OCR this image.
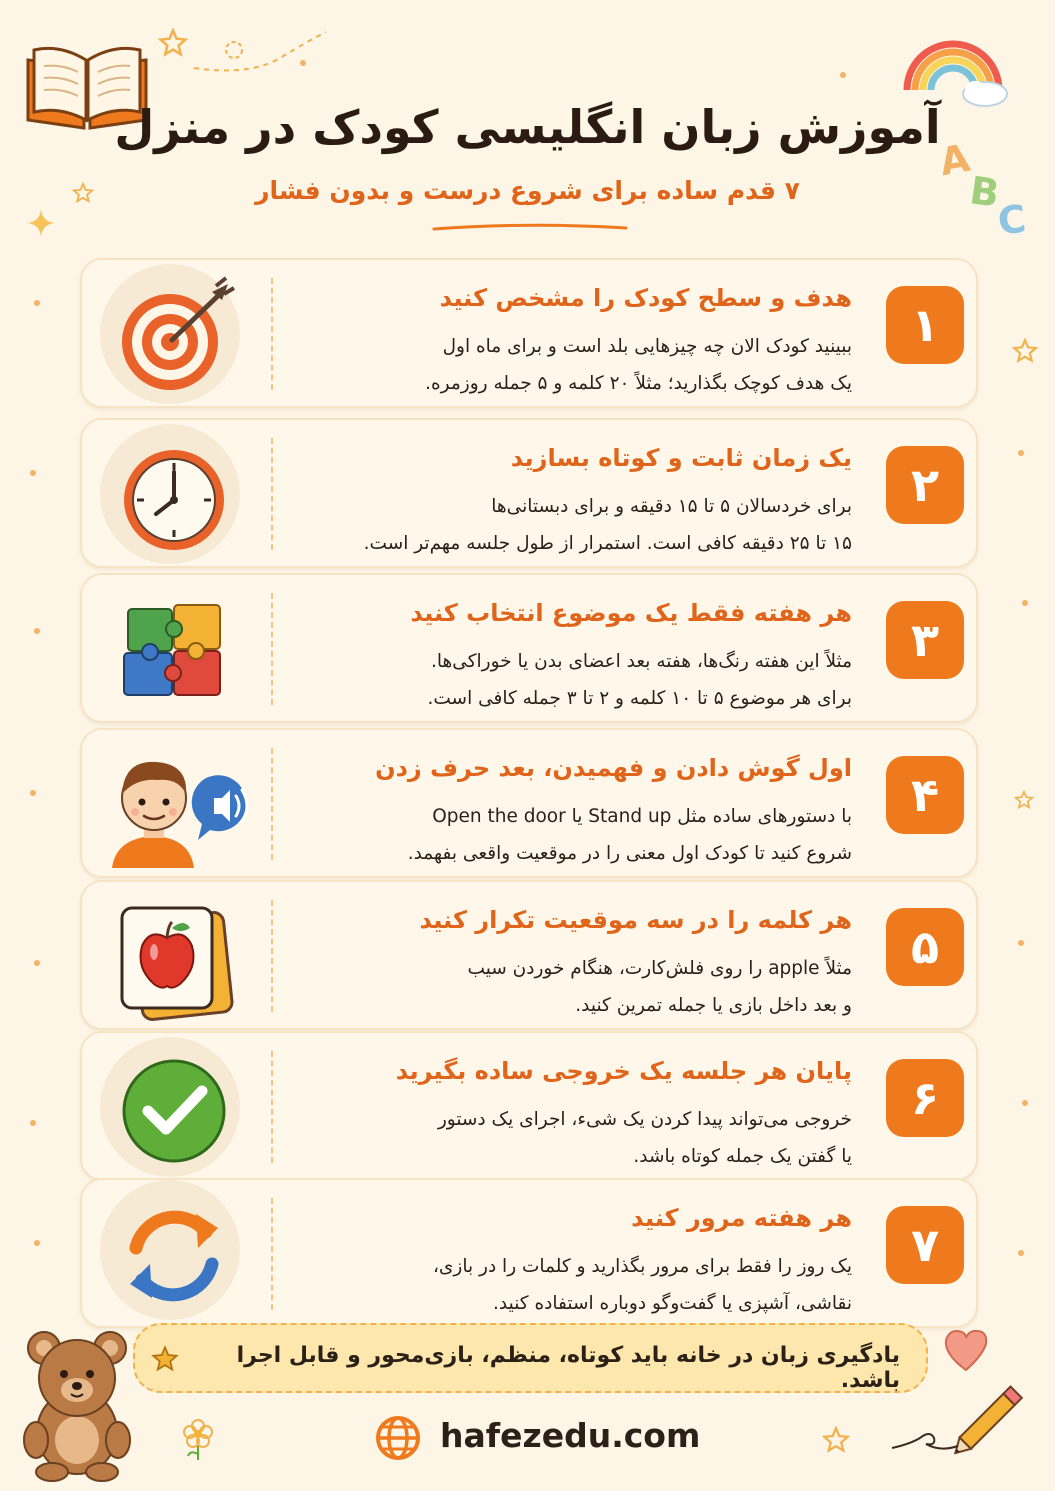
A
B
C
آموزش زبان انگلیسی کودک در منزل
۷ قدم ساده برای شروع درست و بدون فشار
۱
هدف و سطح کودک را مشخص کنید
ببینید کودک الان چه چیزهایی بلد است و برای ماه اول
یک هدف کوچک بگذارید؛ مثلاً ۲۰ کلمه و ۵ جمله روزمره.
۲
یک زمان ثابت و کوتاه بسازید
برای خردسالان ۵ تا ۱۵ دقیقه و برای دبستانی‌ها
۱۵ تا ۲۵ دقیقه کافی است. استمرار از طول جلسه مهم‌تر است.
۳
هر هفته فقط یک موضوع انتخاب کنید
مثلاً این هفته رنگ‌ها، هفته بعد اعضای بدن یا خوراکی‌ها.
برای هر موضوع ۵ تا ۱۰ کلمه و ۲ تا ۳ جمله کافی است.
۴
اول گوش دادن و فهمیدن، بعد حرف زدن
با دستورهای ساده مثل Stand up یا Open the door
شروع کنید تا کودک اول معنی را در موقعیت واقعی بفهمد.
۵
هر کلمه را در سه موقعیت تکرار کنید
مثلاً apple را روی فلش‌کارت، هنگام خوردن سیب
و بعد داخل بازی یا جمله تمرین کنید.
۶
پایان هر جلسه یک خروجی ساده بگیرید
خروجی می‌تواند پیدا کردن یک شیء، اجرای یک دستور
یا گفتن یک جمله کوتاه باشد.
۷
هر هفته مرور کنید
یک روز را فقط برای مرور بگذارید و کلمات را در بازی،
نقاشی، آشپزی یا گفت‌وگو دوباره استفاده کنید.
یادگیری زبان در خانه باید کوتاه، منظم، بازی‌محور و قابل اجرا باشد.
hafezedu.com
